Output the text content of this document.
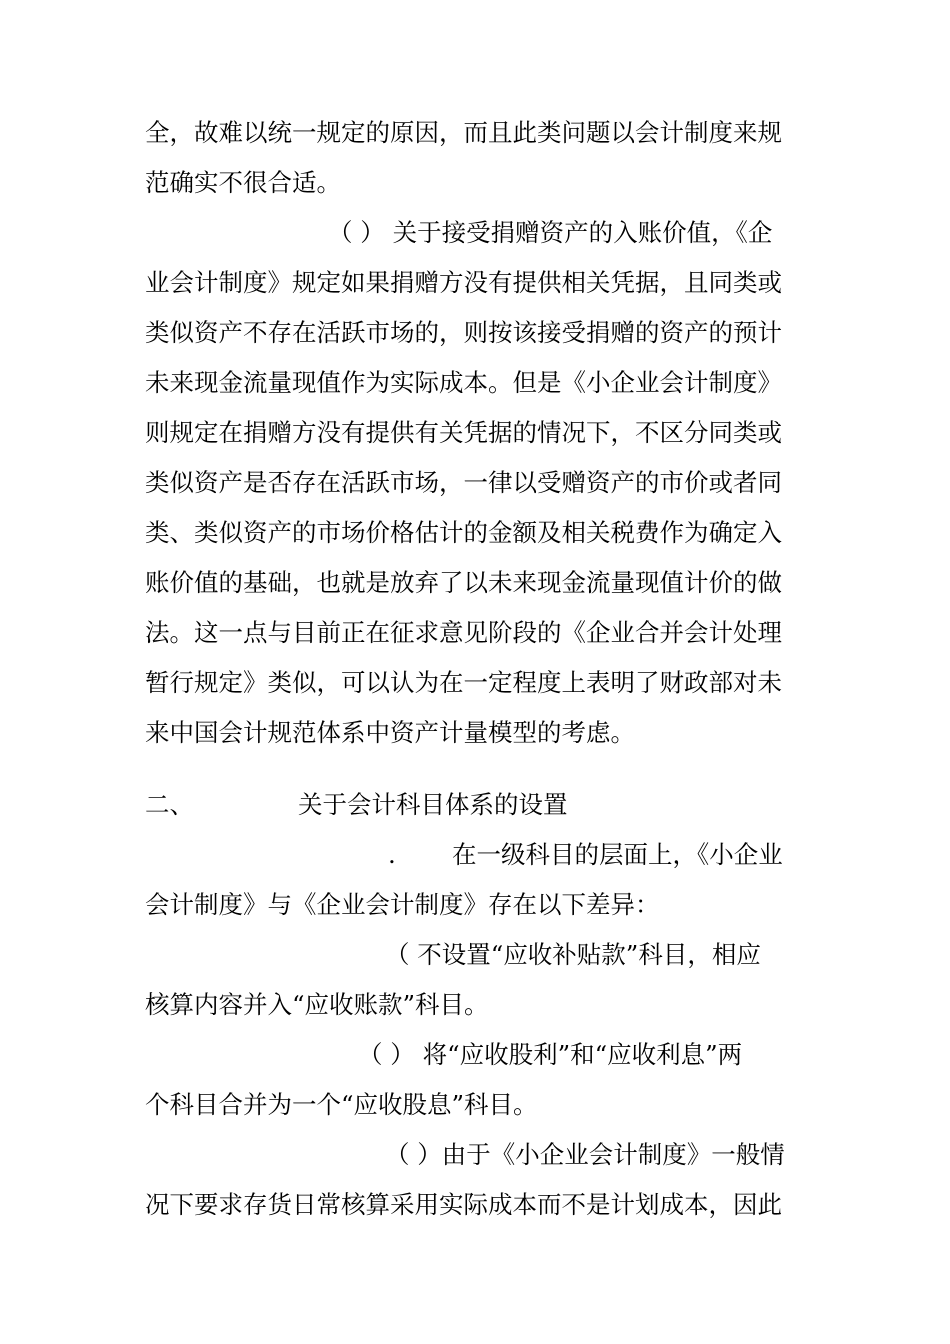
全，故难以统一规定的原因，而且此类问题以会计制度来规
范确实不很合适。
（ ） 关于接受捐赠资产的入账价值，《企
业会计制度》规定如果捐赠方没有提供相关凭据，且同类或
类似资产不存在活跃市场的，则按该接受捐赠的资产的预计
未来现金流量现值作为实际成本。但是《小企业会计制度》
则规定在捐赠方没有提供有关凭据的情况下，不区分同类或
类似资产是否存在活跃市场，一律以受赠资产的市价或者同
类、类似资产的市场价格估计的金额及相关税费作为确定入
账价值的基础，也就是放弃了以未来现金流量现值计价的做
法。这一点与目前正在征求意见阶段的《企业合并会计处理
暂行规定》类似，可以认为在一定程度上表明了财政部对未
来中国会计规范体系中资产计量模型的考虑。
二、	关于会计科目体系的设置
. 在一级科目的层面上，《小企业
会计制度》与《企业会计制度》存在以下差异：
（ 不设置“应收补贴款”科目，相应
核算内容并入“应收账款”科目。
（ ） 将“应收股利”和“应收利息”两
个科目合并为一个“应收股息”科目。
（ ）由于《小企业会计制度》一般情
况下要求存货日常核算采用实际成本而不是计划成本，因此
